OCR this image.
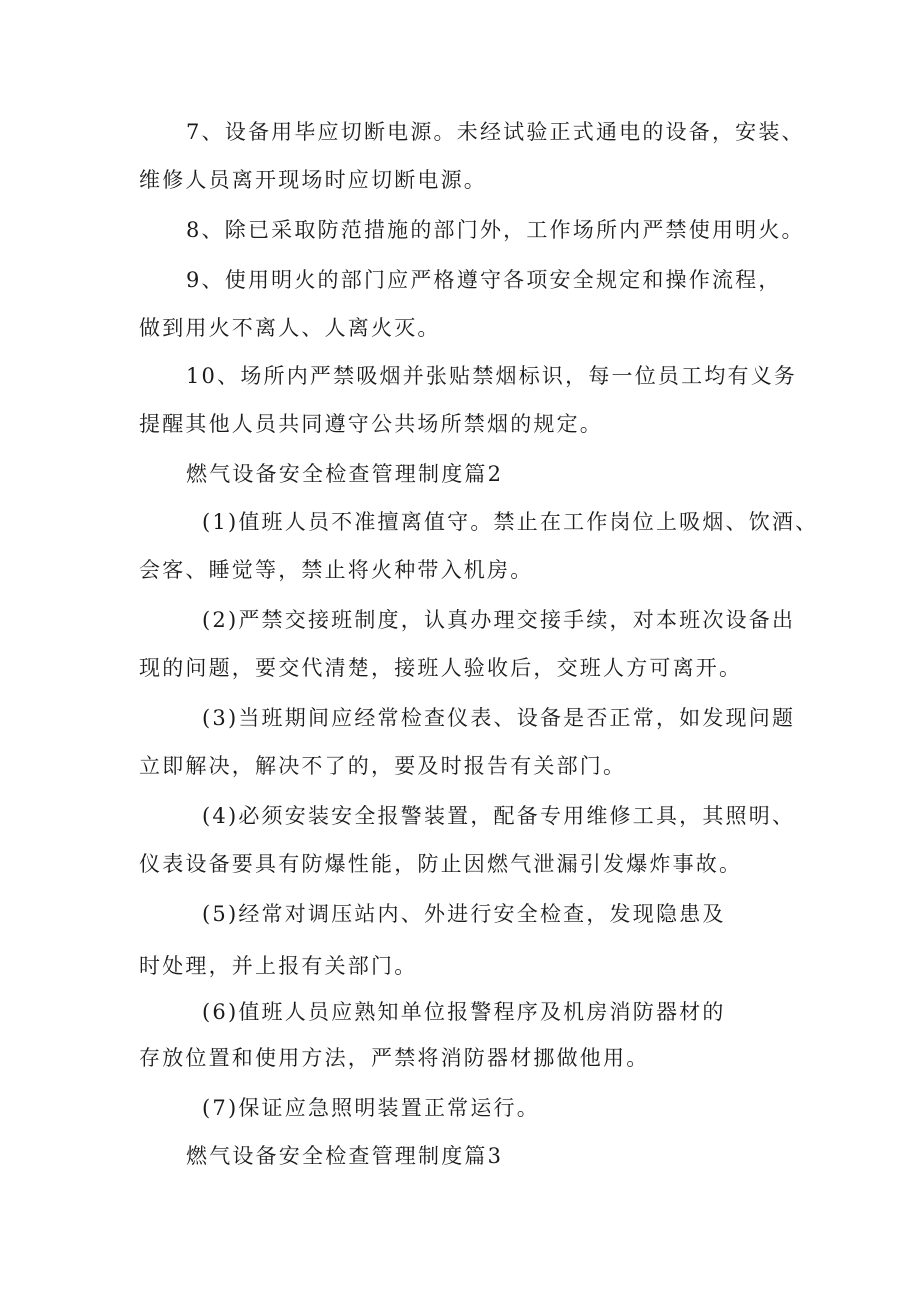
7、设备用毕应切断电源。未经试验正式通电的设备，安装、
维修人员离开现场时应切断电源。
8、除已采取防范措施的部门外，工作场所内严禁使用明火。
9、使用明火的部门应严格遵守各项安全规定和操作流程，
做到用火不离人、人离火灭。
10、场所内严禁吸烟并张贴禁烟标识，每一位员工均有义务
提醒其他人员共同遵守公共场所禁烟的规定。
燃气设备安全检查管理制度篇2
(1)值班人员不准擅离值守。禁止在工作岗位上吸烟、饮酒、
会客、睡觉等，禁止将火种带入机房。
(2)严禁交接班制度，认真办理交接手续，对本班次设备出
现的问题，要交代清楚，接班人验收后，交班人方可离开。
(3)当班期间应经常检查仪表、设备是否正常，如发现问题
立即解决，解决不了的，要及时报告有关部门。
(4)必须安装安全报警装置，配备专用维修工具，其照明、
仪表设备要具有防爆性能，防止因燃气泄漏引发爆炸事故。
(5)经常对调压站内、外进行安全检查，发现隐患及
时处理，并上报有关部门。
(6)值班人员应熟知单位报警程序及机房消防器材的
存放位置和使用方法，严禁将消防器材挪做他用。
(7)保证应急照明装置正常运行。
燃气设备安全检查管理制度篇3
